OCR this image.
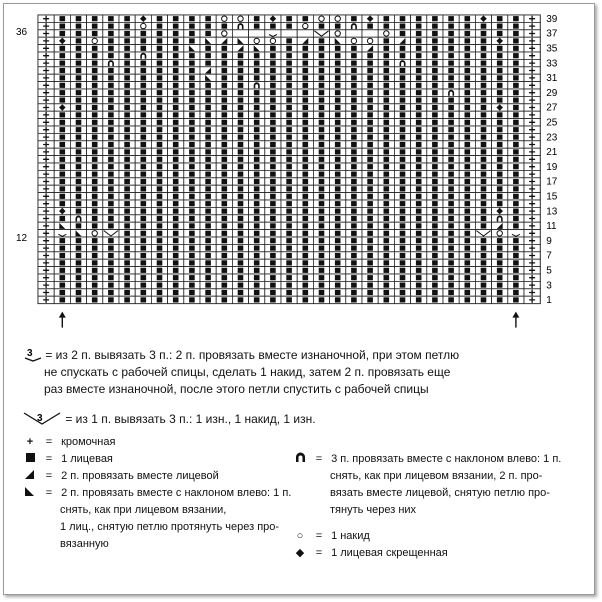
1
3
5
7
9
11
13
15
17
19
21
23
25
27
29
31
33
35
37
39
36
12
3 = из 2 п. вывязать 3 п.: 2 п. провязать вместе изнаночной, при этом петлю
не спускать с рабочей спицы, сделать 1 накид, затем 2 п. провязать еще
раз вместе изнаночной, после этого петли спустить с рабочей спицы
3 = из 1 п. вывязать 3 п.: 1 изн., 1 накид, 1 изн.
+ = кромочная
= 1 лицевая
= 2 п. провязать вместе лицевой
= 2 п. провязать вместе с наклоном влево: 1 п.
снять, как при лицевом вязании,
1 лиц., снятую петлю протянуть через про-
вязанную
= 3 п. провязать вместе с наклоном влево: 1 п.
снять, как при лицевом вязании, 2 п. про-
вязать вместе лицевой, снятую петлю про-
тянуть через них
○ = 1 накид
◆ = 1 лицевая скрещенная
